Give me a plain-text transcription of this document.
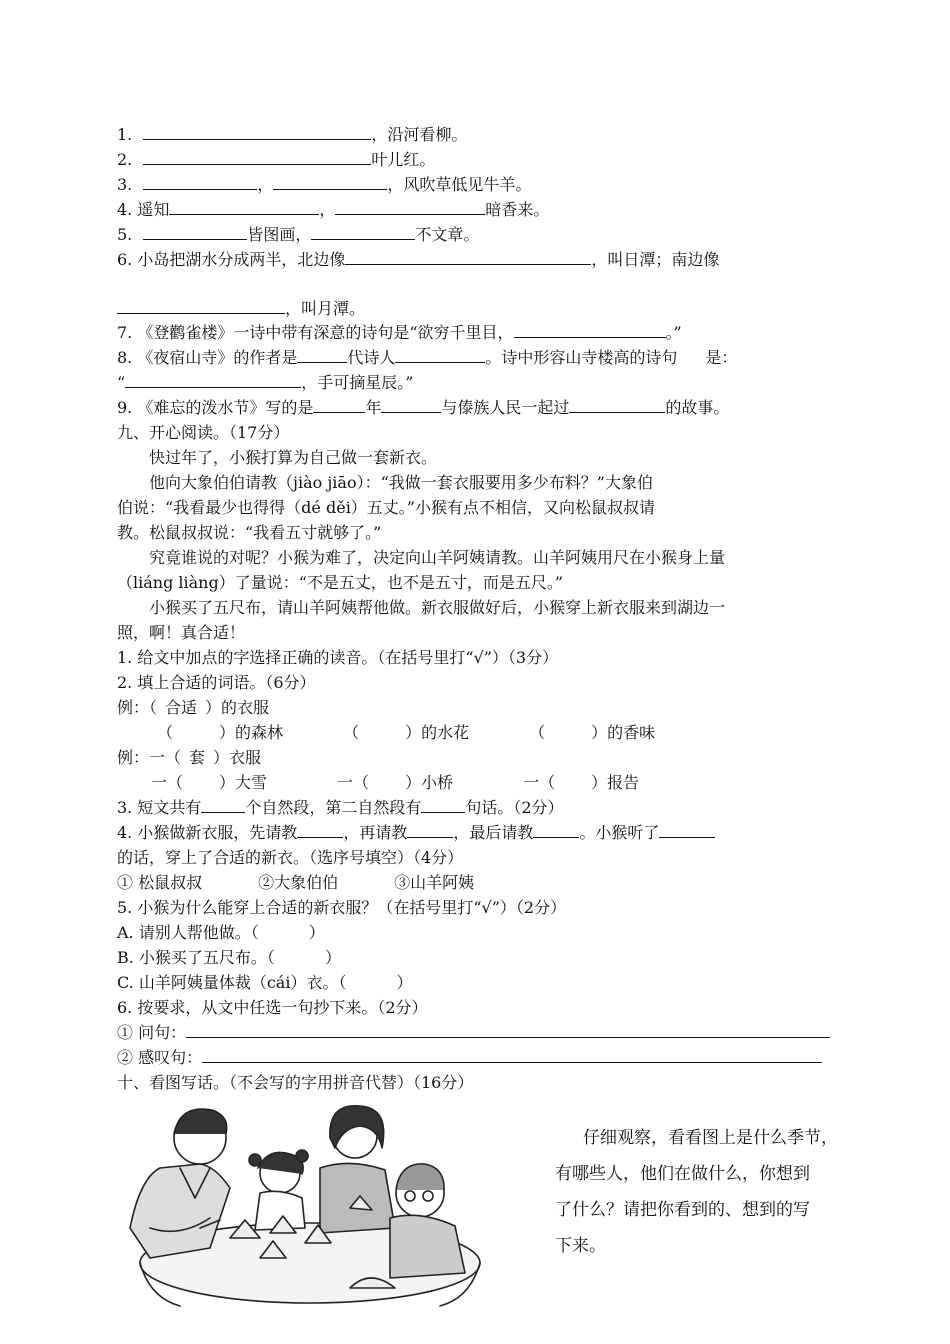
1.	，沿河看柳。
2.	叶儿红。
3.	，	，风吹草低见牛羊。
4. 遥知	，	暗香来。
5.	皆图画，	不文章。
6. 小岛把湖水分成两半，北边像	，叫日潭；南边像
，叫月潭。
7. 《登鹳雀楼》一诗中带有深意的诗句是“欲穷千里目，	。”
8. 《夜宿山寺》的作者是	代诗人	。诗中形容山寺楼高的诗句 是：
“	，手可摘星辰。”
9. 《难忘的泼水节》写的是	年	与傣族人民一起过	的故事。
九、开心阅读。（17分）
快过年了，小猴打算为自己做一套新衣。
他向大象伯伯请教（jiào jiāo）：“我做一套衣服要用多少布料？”大象伯
伯说：“我看最少也得得（dé děi）五丈。”小猴有点不相信，又向松鼠叔叔请
教。松鼠叔叔说：“我看五寸就够了。”
究竟谁说的对呢？小猴为难了，决定向山羊阿姨请教。山羊阿姨用尺在小猴身上量
（liáng liàng）了量说：“不是五丈，也不是五寸，而是五尺。”
小猴买了五尺布，请山羊阿姨帮他做。新衣服做好后，小猴穿上新衣服来到湖边一
照，啊！真合适！
1. 给文中加点的字选择正确的读音。（在括号里打“√”）（3分）
2. 填上合适的词语。（6分）
例：（ 合适 ）的衣服
（	）的森林	（	）的水花	（	）的香味
例：一（ 套 ）衣服
一（ ）大雪	一（ ）小桥	一（ ）报告
3. 短文共有	个自然段，第二自然段有	句话。（2分）
4. 小猴做新衣服，先请教	，再请教	，最后请教	。小猴听了
的话，穿上了合适的新衣。（选序号填空）（4分）
① 松鼠叔叔	②大象伯伯	③山羊阿姨
5. 小猴为什么能穿上合适的新衣服？（在括号里打“√”）（2分）
A. 请别人帮他做。（	）
B. 小猴买了五尺布。（	）
C. 山羊阿姨量体裁（cái）衣。（	）
6. 按要求，从文中任选一句抄下来。（2分）
① 问句：
② 感叹句：
十、看图写话。（不会写的字用拼音代替）（16分）
仔细观察，看看图上是什么季节，
有哪些人，他们在做什么，你想到
了什么？请把你看到的、想到的写
下来。
